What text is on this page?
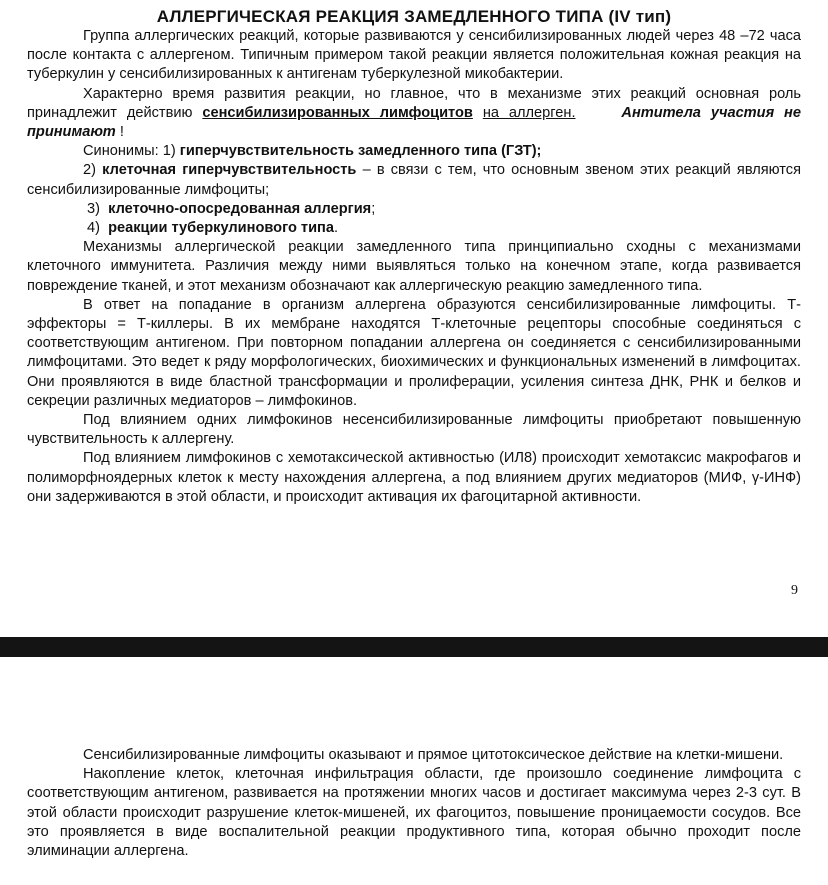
АЛЛЕРГИЧЕСКАЯ РЕАКЦИЯ ЗАМЕДЛЕННОГО ТИПА (IV тип)

Группа аллергических реакций, которые развиваются у сенсибилизированных людей через 48 –72 часа после контакта с аллергеном. Типичным примером такой реакции является положительная кожная реакция на туберкулин у сенсибилизированных к антигенам туберкулезной микобактерии.

Характерно время развития реакции, но главное, что в механизме этих реакций основная роль принадлежит действию сенсибилизированных лимфоцитов на аллерген.	Антитела участия не принимают !

Синонимы: 1) гиперчувствительность замедленного типа (ГЗТ);

2) клеточная гиперчувствительность – в связи с тем, что основным звеном этих реакций являются сенсибилизированные лимфоциты;

3) клеточно-опосредованная аллергия;

4) реакции туберкулинового типа.

Механизмы аллергической реакции замедленного типа принципиально сходны с механизмами клеточного иммунитета. Различия между ними выявляться только на конечном этапе, когда развивается повреждение тканей, и этот механизм обозначают как аллергическую реакцию замедленного типа.

В ответ на попадание в организм аллергена образуются сенсибилизированные лимфоциты. Т-эффекторы = Т-киллеры. В их мембране находятся Т-клеточные рецепторы способные соединяться с соответствующим антигеном. При повторном попадании аллергена он соединяется с сенсибилизированными лимфоцитами. Это ведет к ряду морфологических, биохимических и функциональных изменений в лимфоцитах. Они проявляются в виде бластной трансформации и пролиферации, усиления синтеза ДНК, РНК и белков и секреции различных медиаторов – лимфокинов.

Под влиянием одних лимфокинов несенсибилизированные лимфоциты приобретают повышенную чувствительность к аллергену.

Под влиянием лимфокинов с хемотаксической активностью (ИЛ8) происходит хемотаксис макрофагов и полиморфноядерных клеток к месту нахождения аллергена, а под влиянием других медиаторов (МИФ, γ-ИНФ) они задерживаются в этой области, и происходит активация их фагоцитарной активности.

9

Сенсибилизированные лимфоциты оказывают и прямое цитотоксическое действие на клетки-мишени.

Накопление клеток, клеточная инфильтрация области, где произошло соединение лимфоцита с соответствующим антигеном, развивается на протяжении многих часов и достигает максимума через 2-3 сут. В этой области происходит разрушение клеток-мишеней, их фагоцитоз, повышение проницаемости сосудов. Все это проявляется в виде воспалительной реакции продуктивного типа, которая обычно проходит после элиминации аллергена.
